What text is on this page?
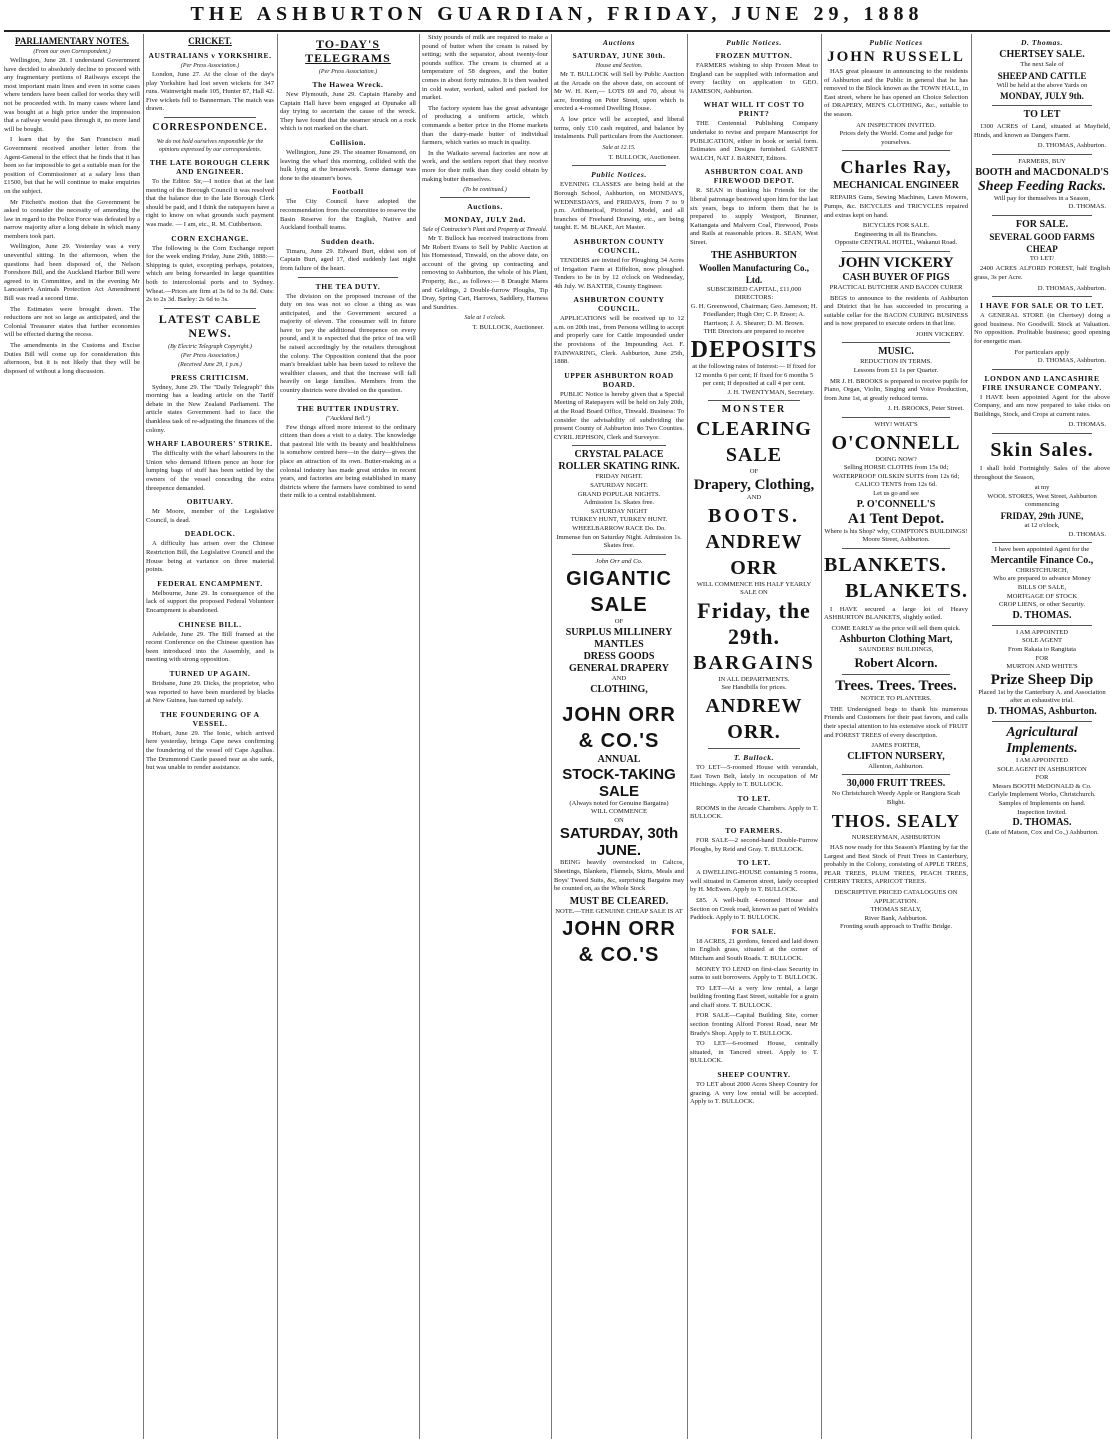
THE ASHBURTON GUARDIAN, FRIDAY, JUNE 29, 1888
PARLIAMENTARY NOTES.
(From our own Correspondent.)

Wellington, June 28. I understand Government have decided to absolutely decline to proceed with any fragmentary portions of Railways except the most important main lines and even in some cases where tenders have been called for works they will not be proceeded with. In many cases where land was bought at a high price under the impression that a railway would pass through it, no more land will be bought.

I learn that by the San Francisco mail Government received another letter from the Agent-General to the effect that he finds that it has been so far impossible to get a suitable man for the position of Commissioner at a salary less than £1500, but that he will continue to make enquiries on the subject.

Mr Fitchett's motion that the Government be asked to consider the necessity of amending the law in regard to the Police Force was defeated by a narrow majority after a long debate in which many members took part.

Wellington, June 29. Yesterday was a very uneventful sitting. In the afternoon, when the questions had been disposed of, the Nelson Foreshore Bill, and the Auckland Harbor Bill were agreed to in Committee, and in the evening Mr Lancaster's Animals Protection Act Amendment Bill was read a second time.

The Estimates were brought down. The reductions are not so large as anticipated, and the Colonial Treasurer states that further economies will be effected during the recess.

The amendments in the Customs and Excise Duties Bill will come up for consideration this afternoon, but it is not likely that they will be disposed of without a long discussion.

CRICKET.
AUSTRALIANS v YORKSHIRE.
(Per Press Association.)

London, June 27. At the close of the day's play Yorkshire had lost seven wickets for 347 runs. Wainwright made 105, Hunter 87, Hall 42. Five wickets fell to Bannerman. The match was drawn.

CORRESPONDENCE.
We do not hold ourselves responsible for the opinions expressed by our correspondents.
THE LATE BOROUGH CLERK AND ENGINEER.

To the Editor. Sir,—I notice that at the last meeting of the Borough Council it was resolved that the balance due to the late Borough Clerk should be paid, and I think the ratepayers have a right to know on what grounds such payment was made. — I am, etc., R. M. Cuthbertson.

CORN EXCHANGE.

The following is the Corn Exchange report for the week ending Friday, June 29th, 1888:— Shipping is quiet, excepting perhaps, potatoes, which are being forwarded in large quantities both to intercolonial ports and to Sydney. Wheat.—Prices are firm at 3s 6d to 3s 8d. Oats: 2s to 2s 3d. Barley: 2s 6d to 3s.

LATEST CABLE NEWS.
(By Electric Telegraph Copyright.)
(Per Press Association.)
(Received June 29, 1 p.m.)
PRESS CRITICISM.

Sydney, June 29. The "Daily Telegraph" this morning has a leading article on the Tariff debate in the New Zealand Parliament. The article states Government had to face the thankless task of re-adjusting the finances of the colony.

WHARF LABOURERS' STRIKE.

The difficulty with the wharf labourers in the Union who demand fifteen pence an hour for lumping bags of stuff has been settled by the owners of the vessel conceding the extra threepence demanded.

OBITUARY.

Mr Moore, member of the Legislative Council, is dead.

DEADLOCK.

A difficulty has arisen over the Chinese Restriction Bill, the Legislative Council and the House being at variance on three material points.

FEDERAL ENCAMPMENT.

Melbourne, June 29. In consequence of the lack of support the proposed Federal Volunteer Encampment is abandoned.

CHINESE BILL.

Adelaide, June 29. The Bill framed at the recent Conference on the Chinese question has been introduced into the Assembly, and is meeting with strong opposition.

TURNED UP AGAIN.

Brisbane, June 29. Dicks, the proprietor, who was reported to have been murdered by blacks at New Guinea, has turned up safely.

THE FOUNDERING OF A VESSEL.

Hobart, June 29. The Ionic, which arrived here yesterday, brings Cape news confirming the foundering of the vessel off Cape Agulhas. The Drummond Castle passed near as she sank, but was unable to render assistance.

TO-DAY'S TELEGRAMS
(Per Press Association.)
The Hawea Wreck.

New Plymouth, June 29. Captain Hansby and Captain Hall have been engaged at Opunake all day trying to ascertain the cause of the wreck. They have found that the steamer struck on a rock which is not marked on the chart.

Collision.

Wellington, June 29. The steamer Rosamond, on leaving the wharf this morning, collided with the hulk lying at the breastwork. Some damage was done to the steamer's bows.

Football

The City Council have adopted the recommendation from the committee to reserve the Basin Reserve for the English, Native and Auckland football teams.

Sudden death.

Timaru, June 29. Edward Burt, eldest son of Captain Burt, aged 17, died suddenly last night from failure of the heart.

THE TEA DUTY.

The division on the proposed increase of the duty on tea was not so close a thing as was anticipated, and the Government secured a majority of eleven. The consumer will in future have to pay the additional threepence on every pound, and it is expected that the price of tea will be raised accordingly by the retailers throughout the colony. The Opposition contend that the poor man's breakfast table has been taxed to relieve the wealthier classes, and that the increase will fall heavily on large families. Members from the country districts were divided on the question.

THE BUTTER INDUSTRY.
("Auckland Bell.")

Few things afford more interest to the ordinary citizen than does a visit to a dairy. The knowledge that pastoral life with its beauty and healthfulness is somehow centred here—in the dairy—gives the place an attraction of its own. Butter-making as a colonial industry has made great strides in recent years, and factories are being established in many districts where the farmers have combined to send their milk to a central establishment.

Sixty pounds of milk are required to make a pound of butter when the cream is raised by setting; with the separator, about twenty-four pounds suffice. The cream is churned at a temperature of 58 degrees, and the butter comes in about forty minutes. It is then washed in cold water, worked, salted and packed for market.

The factory system has the great advantage of producing a uniform article, which commands a better price in the Home markets than the dairy-made butter of individual farmers, which varies so much in quality.

In the Waikato several factories are now at work, and the settlers report that they receive more for their milk than they could obtain by making butter themselves.

(To be continued.)
Auctions.
MONDAY, JULY 2nd.
Sale of Contractor's Plant and Property at Tinwald.

Mr T. Bullock has received instructions from Mr Robert Evans to Sell by Public Auction at his Homestead, Tinwald, on the above date, on account of the giving up contracting and removing to Ashburton, the whole of his Plant, Property, &c., as follows:— 8 Draught Mares and Geldings, 2 Double-furrow Ploughs, Tip Dray, Spring Cart, Harrows, Saddlery, Harness and Sundries.

Sale at 1 o'clock.
T. BULLOCK, Auctioneer.
Auctions
SATURDAY, JUNE 30th.
House and Section.

Mr T. BULLOCK will Sell by Public Auction at the Arcade on the above date, on account of Mr W. H. Kerr,— LOTS 69 and 70, about ¼ acre, fronting on Peter Street, upon which is erected a 4-roomed Dwelling House.

A low price will be accepted, and liberal terms, only £10 cash required, and balance by instalments. Full particulars from the Auctioneer.

Sale at 12.15.
T. BULLOCK, Auctioneer.
Public Notices.

EVENING CLASSES are being held at the Borough School, Ashburton, on MONDAYS, WEDNESDAYS, and FRIDAYS, from 7 to 9 p.m. Arithmetical, Pictorial Model, and all branches of Freehand Drawing, etc., are being taught. E. M. BLAKE, Art Master.

ASHBURTON COUNTY COUNCIL.

TENDERS are invited for Ploughing 34 Acres of Irrigation Farm at Eiffelton, now ploughed. Tenders to be in by 12 o'clock on Wednesday, 4th July. W. BAXTER, County Engineer.

ASHBURTON COUNTY COUNCIL.

APPLICATIONS will be received up to 12 a.m. on 20th inst., from Persons willing to accept and properly care for Cattle impounded under the provisions of the Impounding Act. F. FAINWARING, Clerk. Ashburton, June 25th, 1888.

UPPER ASHBURTON ROAD BOARD.

PUBLIC Notice is hereby given that a Special Meeting of Ratepayers will be held on July 20th, at the Road Board Office, Tinwald. Business: To consider the advisability of subdividing the present County of Ashburton into Two Counties. CYRIL JEPHSON, Clerk and Surveyor.

CRYSTAL PALACE
ROLLER SKATING RINK.
FRIDAY NIGHT.
SATURDAY NIGHT.
GRAND POPULAR NIGHTS.
Admission 1s. Skates free.
SATURDAY NIGHT
TURKEY HUNT, TURKEY HUNT.
WHEELBARROW RACE Do. Do.
Immense fun on Saturday Night. Admission 1s. Skates free.
John Orr and Co.
GIGANTIC SALE
OF
SURPLUS MILLINERY
MANTLES
DRESS GOODS
GENERAL DRAPERY
AND
CLOTHING,
JOHN ORR & CO.'S
ANNUAL
STOCK-TAKING SALE
(Always noted for Genuine Bargains)
WILL COMMENCE
ON
SATURDAY, 30th JUNE.

BEING heavily overstocked in Calicos, Sheetings, Blankets, Flannels, Skirts, Meals and Boys' Tweed Suits, &c, surprising Bargains may be counted on, as the Whole Stock

MUST BE CLEARED.
NOTE.—THE GENUINE CHEAP SALE IS AT
JOHN ORR & CO.'S
Public Notices.
FROZEN MUTTON.

FARMERS wishing to ship Frozen Meat to England can be supplied with information and every facility on application to GEO. JAMESON, Ashburton.

WHAT WILL IT COST TO PRINT?

THE Centennial Publishing Company undertake to revise and prepare Manuscript for PUBLICATION, either in book or serial form. Estimates and Designs furnished. GARNET WALCH, NAT J. BARNET, Editors.

ASHBURTON COAL AND FIREWOOD DEPOT.

R. SEAN in thanking his Friends for the liberal patronage bestowed upon him for the last six years, begs to inform them that he is prepared to supply Westport, Brunner, Kaitangata and Malvern Coal, Firewood, Posts and Rails at reasonable prices. R. SEAN, West Street.

THE ASHBURTON
Woollen Manufacturing Co., Ltd.
SUBSCRIBED CAPITAL, £11,000
DIRECTORS:
G. H. Greenwood, Chairman; Geo. Jameson; H. Friedlander; Hugh Orr; C. P. Ensor; A. Harrison; J. A. Shearer; D. M. Brown.
THE Directors are prepared to receive
DEPOSITS
at the following rates of Interest:— If fixed for 12 months 6 per cent; If fixed for 6 months 5 per cent; If deposited at call 4 per cent.
J. H. TWENTYMAN, Secretary.
MONSTER
CLEARING SALE
OF
Drapery, Clothing,
AND
BOOTS.
ANDREW ORR
WILL COMMENCE HIS HALF YEARLY SALE ON
Friday, the 29th.
BARGAINS
IN ALL DEPARTMENTS.
See Handbills for prices.
ANDREW ORR.
T. Bullock.

TO LET—5-roomed House with verandah, East Town Belt, lately in occupation of Mr Hitchings. Apply to T. BULLOCK.

TO LET.

ROOMS in the Arcade Chambers. Apply to T. BULLOCK.

TO FARMERS.

FOR SALE—2 second-hand Double-Furrow Ploughs, by Reid and Gray. T. BULLOCK.

TO LET.

A DWELLING-HOUSE containing 5 rooms, well situated in Cameron street, lately occupied by H. McEwen. Apply to T. BULLOCK.

£85. A well-built 4-roomed House and Section on Creek road, known as part of Welsh's Paddock. Apply to T. BULLOCK.

FOR SALE.

18 ACRES, 21 gordons, fenced and laid down in English grass, situated at the corner of Mitcham and South Roads. T. BULLOCK.

MONEY TO LEND on first-class Security in sums to suit borrowers. Apply to T. BULLOCK.

TO LET—At a very low rental, a large building fronting East Street, suitable for a grain and chaff store. T. BULLOCK.

FOR SALE—Capital Building Site, corner section fronting Alford Forest Road, near Mr Brady's Shop. Apply to T. BULLOCK.

TO LET—6-roomed House, centrally situated, in Tancred street. Apply to T. BULLOCK.

SHEEP COUNTRY.

TO LET about 2000 Acres Sheep Country for grazing. A very low rental will be accepted. Apply to T. BULLOCK.

Public Notices
JOHN RUSSELL

HAS great pleasure in announcing to the residents of Ashburton and the Public in general that he has removed to the Block known as the TOWN HALL, in East street, where he has opened an Choice Selection of DRAPERY, MEN'S CLOTHING, &c., suitable to the season.

AN INSPECTION INVITED.
Prices defy the World. Come and judge for yourselves.
Charles Ray,
MECHANICAL ENGINEER

REPAIRS Guns, Sewing Machines, Lawn Mowers, Pumps, &c. BICYCLES and TRICYCLES repaired and extras kept on hand.

BICYCLES FOR SALE.
Engineering in all its Branches.
Opposite CENTRAL HOTEL, Wakanui Road.
JOHN VICKERY
CASH BUYER OF PIGS
PRACTICAL BUTCHER AND BACON CURER

BEGS to announce to the residents of Ashburton and District that he has succeeded in procuring a suitable cellar for the BACON CURING BUSINESS and is now prepared to execute orders in that line.

JOHN VICKERY.
MUSIC.
REDUCTION IN TERMS.
Lessons from £1 1s per Quarter.

MR J. H. BROOKS is prepared to receive pupils for Piano, Organ, Violin, Singing and Voice Production, from June 1st, at greatly reduced terms.

J. H. BROOKS, Peter Street.
WHY! WHAT'S
O'CONNELL
DOING NOW?
Selling HORSE CLOTHS from 15s 0d; WATERPROOF OILSKIN SUITS from 12s 6d; CALICO TENTS from 12s 6d.
Let us go and see
P. O'CONNELL'S
A1 Tent Depot.
Where is his Shop? why, COMPTON'S BUILDINGS! Moore Street, Ashburton.
BLANKETS.
BLANKETS.

I HAVE secured a large lot of Heavy ASHBURTON BLANKETS, slightly soiled.

COME EARLY as the price will sell them quick.
Ashburton Clothing Mart,
SAUNDERS' BUILDINGS,
Robert Alcorn.
Trees. Trees. Trees.
NOTICE TO PLANTERS.

THE Undersigned begs to thank his numerous Friends and Customers for their past favors, and calls their special attention to his extensive stock of FRUIT and FOREST TREES of every description.

JAMES FORTER,
CLIFTON NURSERY,
Allenton, Ashburton.
30,000 FRUIT TREES.
No Christchurch Weedy Apple or Rangiora Scab Blight.
THOS. SEALY
NURSERYMAN, ASHBURTON

HAS now ready for this Season's Planting by far the Largest and Best Stock of Fruit Trees in Canterbury, probably in the Colony, consisting of APPLE TREES, PEAR TREES, PLUM TREES, PEACH TREES, CHERRY TREES, APRICOT TREES.

DESCRIPTIVE PRICED CATALOGUES ON APPLICATION.
THOMAS SEALY,
River Bank, Ashburton.
Fronting south approach to Traffic Bridge.
D. Thomas.
CHERTSEY SALE.
The next Sale of
SHEEP AND CATTLE
Will be held at the above Yards on
MONDAY, JULY 9th.
TO LET

1300 ACRES of Land, situated at Mayfield, Hinds, and known as Dangers Farm.

D. THOMAS, Ashburton.
FARMERS, BUY
BOOTH and MACDONALD'S
Sheep Feeding Racks.
Will pay for themselves in a Season,
D. THOMAS.
FOR SALE.
SEVERAL GOOD FARMS CHEAP
TO LET/

2400 ACRES ALFORD FOREST, half English grass, 3s per Acre.

D. THOMAS, Ashburton.
I HAVE FOR SALE OR TO LET.

A GENERAL STORE (in Chertsey) doing a good business. No Goodwill. Stock at Valuation. No opposition. Profitable business; good opening for energetic man.

For particulars apply
D. THOMAS, Ashburton.
LONDON AND LANCASHIRE FIRE INSURANCE COMPANY.

I HAVE been appointed Agent for the above Company, and am now prepared to take risks on Buildings, Stock, and Crops at current rates.

D. THOMAS.
Skin Sales.

I shall hold Fortnightly Sales of the above throughout the Season,

at my
WOOL STORES, West Street, Ashburton
commencing
FRIDAY, 29th JUNE,
at 12 o'clock,
D. THOMAS.
I have been appointed Agent for the
Mercantile Finance Co.,
CHRISTCHURCH,
Who are prepared to advance Money
BILLS OF SALE,
MORTGAGE OF STOCK
CROP LIENS, or other Security.
D. THOMAS.
I AM APPOINTED
SOLE AGENT
From Rakaia to Rangitata
FOR
MURTON AND WHITE'S
Prize Sheep Dip
Placed 1st by the Canterbury A. and Association after an exhaustive trial.
D. THOMAS, Ashburton.
Agricultural Implements.
I AM APPOINTED
SOLE AGENT IN ASHBURTON
FOR
Messrs BOOTH McDONALD & Co.
Carlyle Implement Works, Christchurch.
Samples of Implements on hand.
Inspection Invited.
D. THOMAS.
(Late of Matson, Cox and Co.,) Ashburton.
